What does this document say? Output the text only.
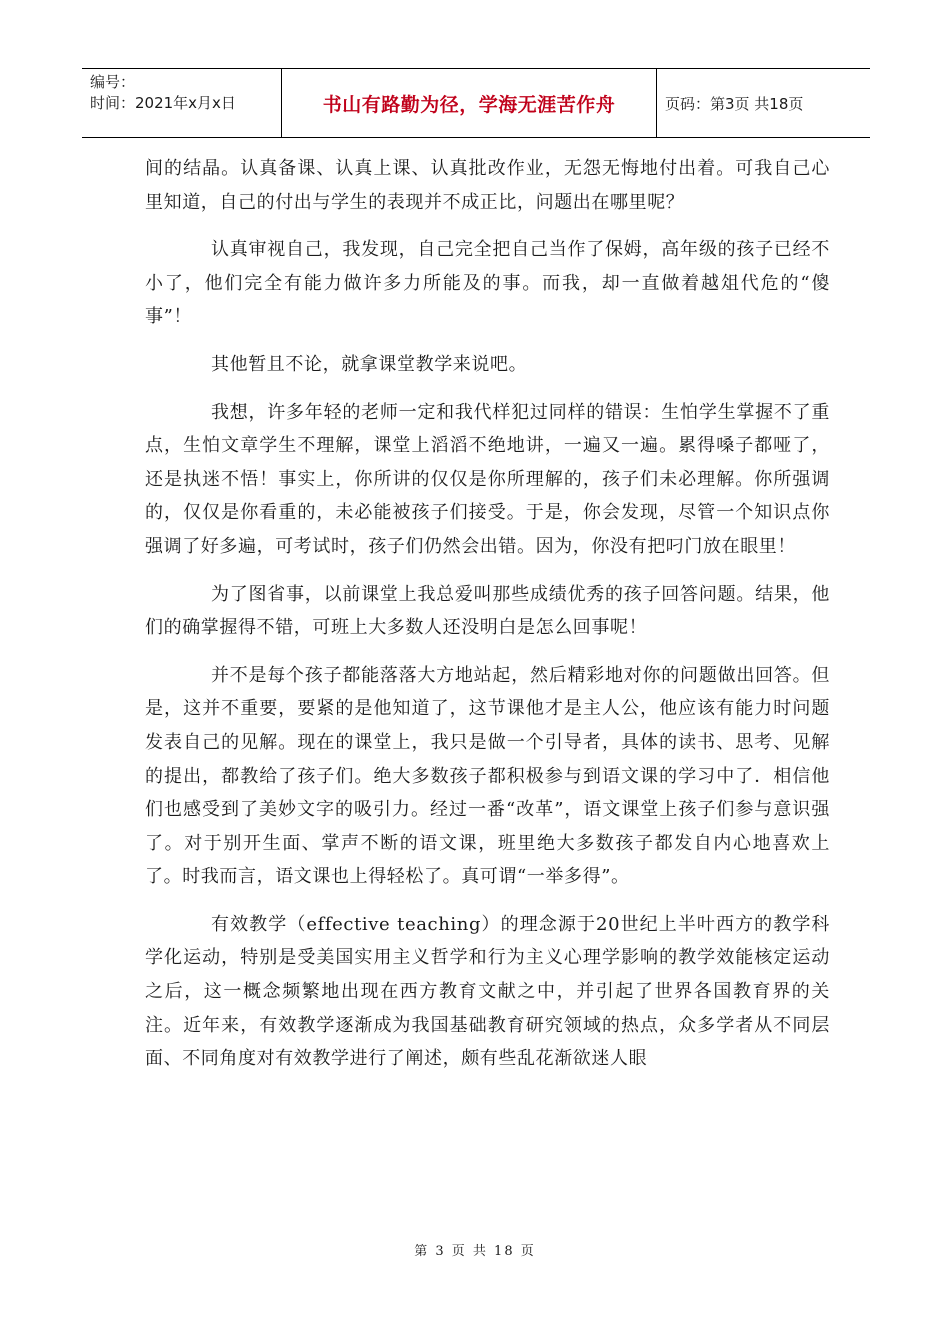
编号：
时间：2021年x月x日	书山有路勤为径，学海无涯苦作舟	页码：第3页 共18页

间的结晶。认真备课、认真上课、认真批改作业，无怨无悔地付出着。可我自己心里知道，自己的付出与学生的表现并不成正比，问题出在哪里呢？

认真审视自己，我发现，自己完全把自己当作了保姆，高年级的孩子已经不小了，他们完全有能力做许多力所能及的事。而我，却一直做着越俎代危的“傻事”！

其他暂且不论，就拿课堂教学来说吧。

我想，许多年轻的老师一定和我代样犯过同样的错误：生怕学生掌握不了重点，生怕文章学生不理解，课堂上滔滔不绝地讲，一遍又一遍。累得嗓子都哑了，还是执迷不悟！事实上，你所讲的仅仅是你所理解的，孩子们未必理解。你所强调的，仅仅是你看重的，未必能被孩子们接受。于是，你会发现，尽管一个知识点你强调了好多遍，可考试时，孩子们仍然会出错。因为，你没有把叼门放在眼里！

为了图省事，以前课堂上我总爱叫那些成绩优秀的孩子回答问题。结果，他们的确掌握得不错，可班上大多数人还没明白是怎么回事呢！

并不是每个孩子都能落落大方地站起，然后精彩地对你的问题做出回答。但是，这并不重要，要紧的是他知道了，这节课他才是主人公，他应该有能力时问题发表自己的见解。现在的课堂上，我只是做一个引导者，具体的读书、思考、见解的提出，都教给了孩子们。绝大多数孩子都积极参与到语文课的学习中了．相信他们也感受到了美妙文字的吸引力。经过一番“改革”，语文课堂上孩子们参与意识强了。对于别开生面、掌声不断的语文课，班里绝大多数孩子都发自内心地喜欢上了。时我而言，语文课也上得轻松了。真可谓“一举多得”。

有效教学（effective teaching）的理念源于20世纪上半叶西方的教学科学化运动，特别是受美国实用主义哲学和行为主义心理学影响的教学效能核定运动之后，这一概念频繁地出现在西方教育文献之中，并引起了世界各国教育界的关注。近年来，有效教学逐渐成为我国基础教育研究领域的热点，众多学者从不同层面、不同角度对有效教学进行了阐述，颇有些乱花渐欲迷人眼

第 3 页 共 18 页
